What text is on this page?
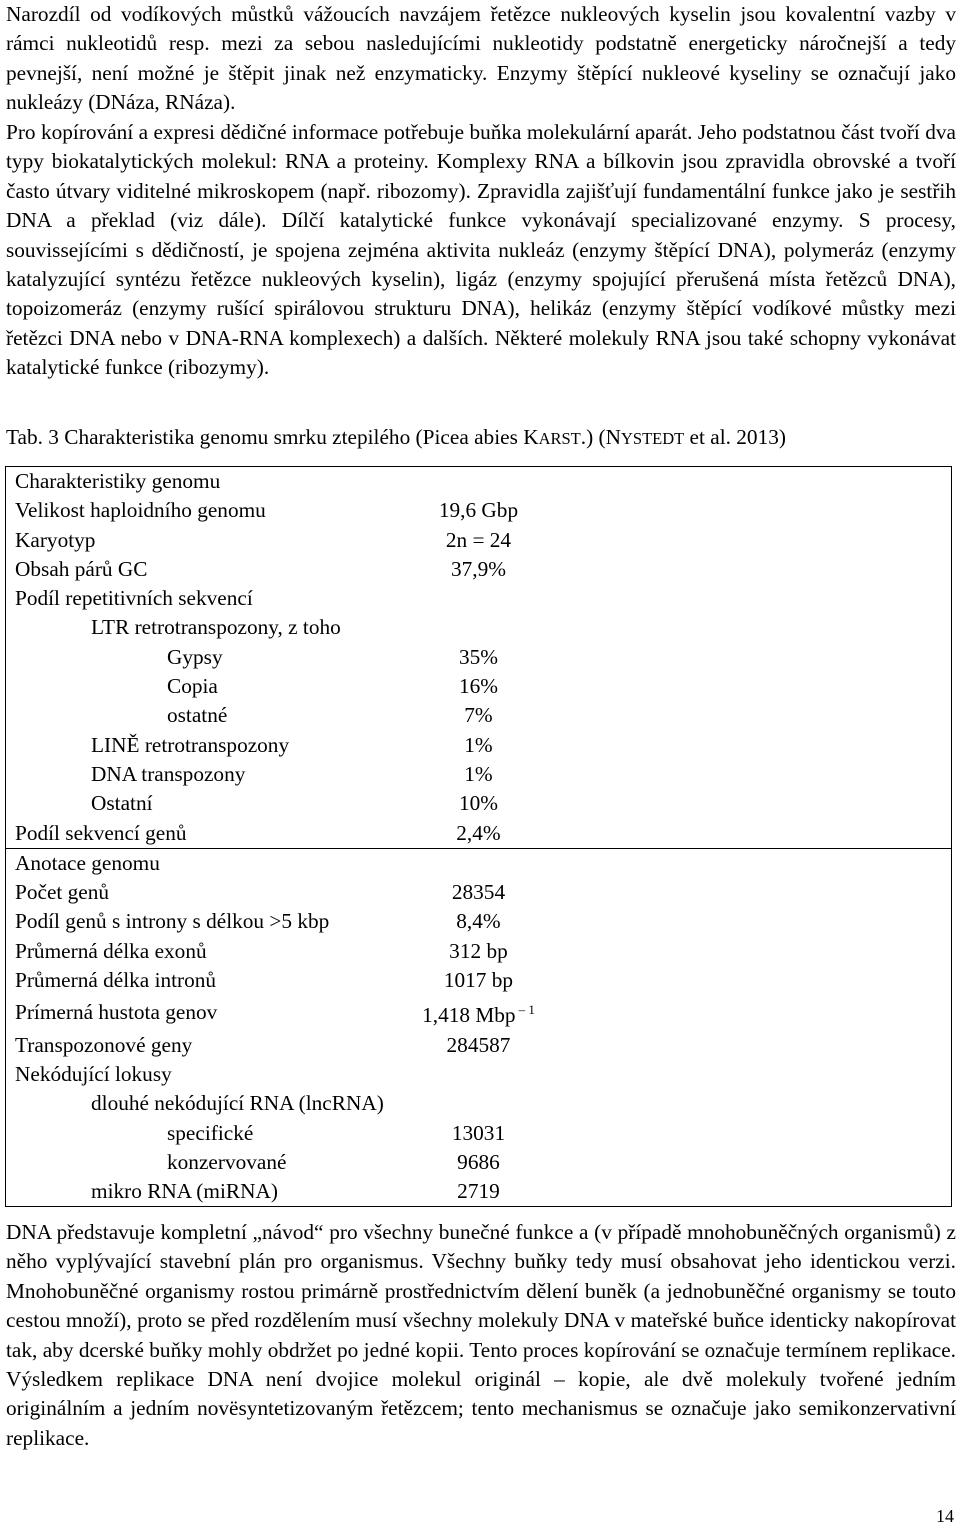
Narozdíl od vodíkových můstků vážoucích navzájem řetězce nukleových kyselin jsou kovalentní vazby v rámci nukleotidů resp. mezi za sebou nasledujícími nukleotidy podstatně energeticky náročnejší a tedy pevnejší, není možné je štěpit jinak než enzymaticky. Enzymy štěpící nukleové kyseliny se označují jako nukleázy (DNáza, RNáza).

Pro kopírování a expresi dědičné informace potřebuje buňka molekulární aparát. Jeho podstatnou část tvoří dva typy biokatalytických molekul: RNA a proteiny. Komplexy RNA a bílkovin jsou zpravidla obrovské a tvoří často útvary viditelné mikroskopem (např. ribozomy). Zpravidla zajišťují fundamentální funkce jako je sestřih DNA a překlad (viz dále). Dílčí katalytické funkce vykonávají specializované enzymy. S procesy, souvissejícími s dědičností, je spojena zejména aktivita nukleáz (enzymy štěpící DNA), polymeráz (enzymy katalyzující syntézu řetězce nukleových kyselin), ligáz (enzymy spojující přerušená místa řetězců DNA), topoizomeráz (enzymy rušící spirálovou strukturu DNA), helikáz (enzymy štěpící vodíkové můstky mezi řetězci DNA nebo v DNA-RNA komplexech) a dalších. Některé molekuly RNA jsou také schopny vykonávat katalytické funkce (ribozymy).

Tab. 3 Charakteristika genomu smrku ztepilého (Picea abies KARST.) (NYSTEDT et al. 2013)
Charakteristiky genomu		
Velikost haploidního genomu	19,6 Gbp	
Karyotyp	2n = 24	
Obsah párů GC	37,9%	
Podíl repetitivních sekvencí		
LTR retrotranspozony, z toho		
Gypsy	35%	
Copia	16%	
ostatné	7%	
LINĚ retrotranspozony	1%	
DNA transpozony	1%	
Ostatní	10%	
Podíl sekvencí genů	2,4%	
Anotace genomu		
Počet genů	28354	
Podíl genů s introny s délkou >5 kbp	8,4%	
Průmerná délka exonů	312 bp	
Průmerná délka intronů	1017 bp	
Prímerná hustota genov	1,418 Mbp $^{- 1}$	
Transpozonové geny	284587	
Nekódující lokusy		
dlouhé nekódující RNA (lncRNA)		
specifické	13031	
konzervované	9686	
mikro RNA (miRNA)	2719	

DNA představuje kompletní „návod“ pro všechny bunečné funkce a (v případě mnohobuněčných organismů) z něho vyplývající stavební plán pro organismus. Všechny buňky tedy musí obsahovat jeho identickou verzi. Mnohobuněčné organismy rostou primárně prostřednictvím dělení buněk (a jednobuněčné organismy se touto cestou množí), proto se před rozdělením musí všechny molekuly DNA v mateřské buňce identicky nakopírovat tak, aby dcerské buňky mohly obdržet po jedné kopii. Tento proces kopírování se označuje termínem replikace. Výsledkem replikace DNA není dvojice molekul originál – kopie, ale dvě molekuly tvořené jedním originálním a jedním novësyntetizovaným řetězcem; tento mechanismus se označuje jako semikonzervativní replikace.

14
